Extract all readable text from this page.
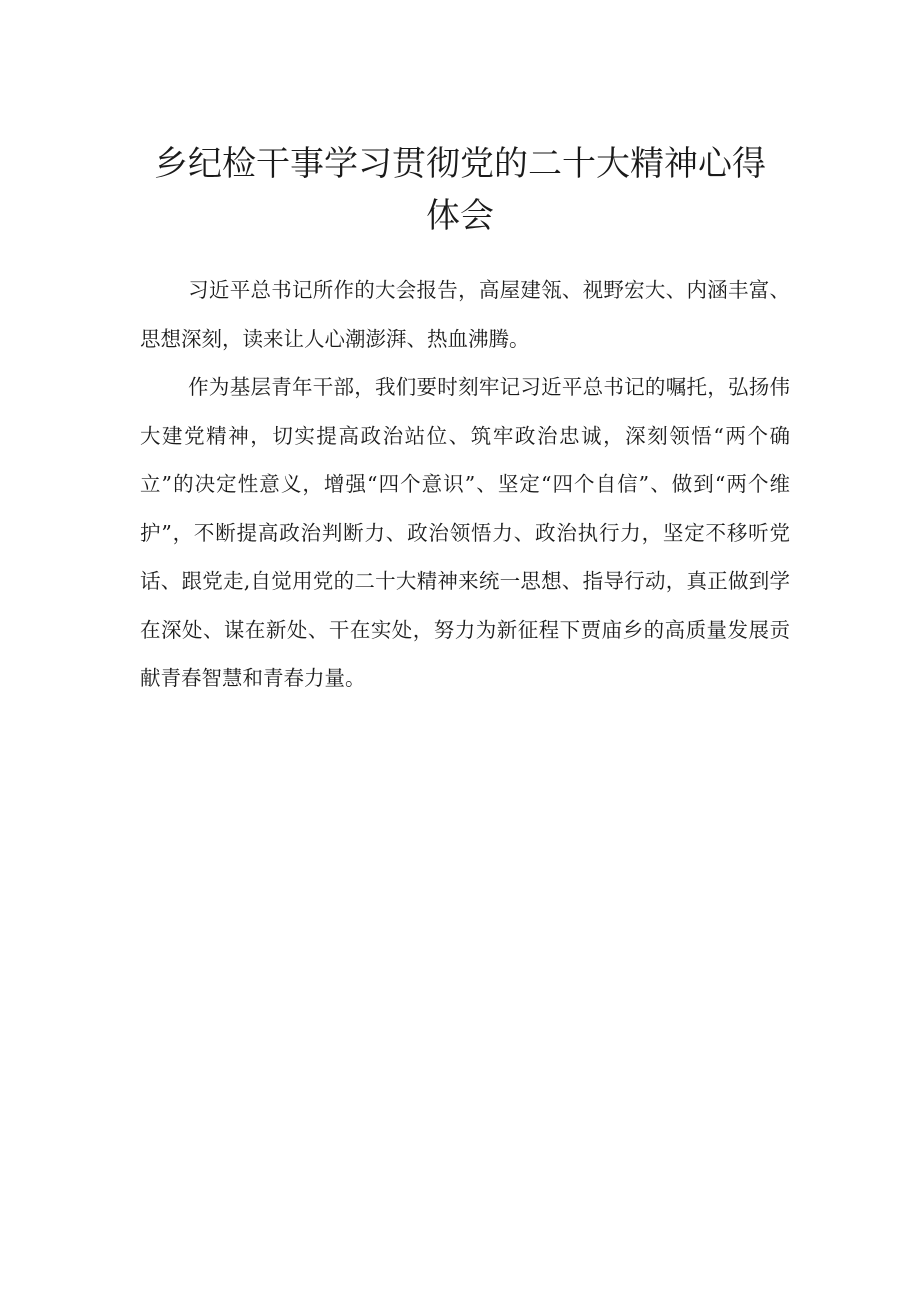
乡纪检干事学习贯彻党的二十大精神心得
体会

习近平总书记所作的大会报告，高屋建瓴、视野宏大、内涵丰富、思想深刻，读来让人心潮澎湃、热血沸腾。

作为基层青年干部，我们要时刻牢记习近平总书记的嘱托，弘扬伟大建党精神，切实提高政治站位、筑牢政治忠诚，深刻领悟“两个确立”的决定性意义，增强“四个意识”、坚定“四个自信”、做到“两个维护”，不断提高政治判断力、政治领悟力、政治执行力，坚定不移听党话、跟党走,自觉用党的二十大精神来统一思想、指导行动，真正做到学在深处、谋在新处、干在实处，努力为新征程下贾庙乡的高质量发展贡献青春智慧和青春力量。
